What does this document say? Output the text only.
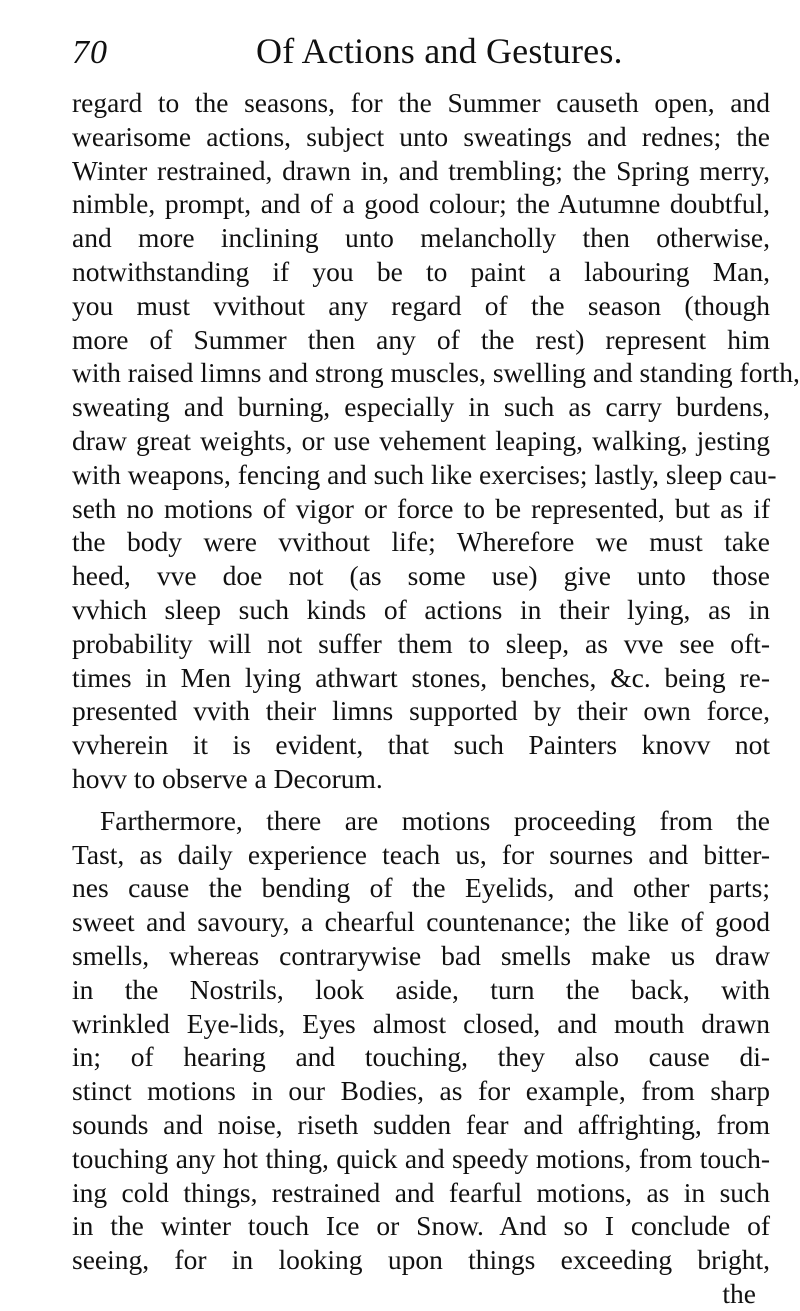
70	Of Actions and Gestures.
regard to the seasons, for the Summer causeth open, and
wearisome actions, subject unto sweatings and rednes; the
Winter restrained, drawn in, and trembling; the Spring merry,
nimble, prompt, and of a good colour; the Autumne doubtful,
and more inclining unto melancholly then otherwise,
notwithstanding if you be to paint a labouring Man,
you must vvithout any regard of the season (though
more of Summer then any of the rest) represent him
with raised limns and strong muscles, swelling and standing forth,
sweating and burning, especially in such as carry burdens,
draw great weights, or use vehement leaping, walking, jesting
with weapons, fencing and such like exercises; lastly, sleep cau-
seth no motions of vigor or force to be represented, but as if
the body were vvithout life; Wherefore we must take
heed, vve doe not (as some use) give unto those
vvhich sleep such kinds of actions in their lying, as in
probability will not suffer them to sleep, as vve see oft-
times in Men lying athwart stones, benches, &c. being re-
presented vvith their limns supported by their own force,
vvherein it is evident, that such Painters knovv not
hovv to observe a Decorum.
Farthermore, there are motions proceeding from the
Tast, as daily experience teach us, for sournes and bitter-
nes cause the bending of the Eyelids, and other parts;
sweet and savoury, a chearful countenance; the like of good
smells, whereas contrarywise bad smells make us draw
in the Nostrils, look aside, turn the back, with
wrinkled Eye-lids, Eyes almost closed, and mouth drawn
in; of hearing and touching, they also cause di-
stinct motions in our Bodies, as for example, from sharp
sounds and noise, riseth sudden fear and affrighting, from
touching any hot thing, quick and speedy motions, from touch-
ing cold things, restrained and fearful motions, as in such
in the winter touch Ice or Snow. And so I conclude of
seeing, for in looking upon things exceeding bright,
the
